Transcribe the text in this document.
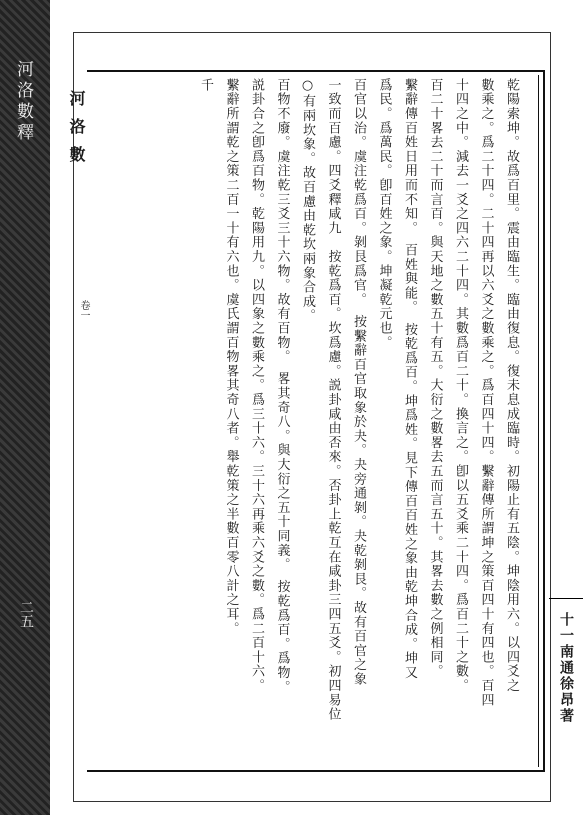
河洛數釋
二五
河洛數
卷一	乾陽索坤。故爲百里。震由臨生。臨由復息。復未息成臨時。初陽止有五陰。坤陰用六。以四爻之
數乘之。爲二十四。二十四再以六爻之數乘之。爲百四十四。繫辭傳所謂坤之策百四十有四也。百四
十四之中。減去一爻之四六二十四。其數爲百二十。換言之。卽以五爻乘二十四。爲百二十之數。
百二十畧去二十而言百。與天地之數五十有五。大衍之數畧去五而言五十。其畧去數之例相同。
繫辭傳百姓日用而不知。　百姓與能。　按乾爲百。坤爲姓。見下傳百百姓之象由乾坤合成。坤又
爲民。爲萬民。卽百姓之象。坤凝乾元也。
百官以治。虞注乾爲百。剝艮爲官。　按繫辭百官取象於夬。夬旁通剝。夬乾剝艮。故有百官之象
一致而百慮。四爻釋咸九　按乾爲百。坎爲慮。説卦咸由否來。否卦上乾互在咸卦三四五爻。初四易位
○有兩坎象。故百慮由乾坎兩象合成。
百物不廢。虞注乾三爻三十六物。故有百物。　畧其奇八。與大衍之五十同義。　按乾爲百。爲物。
説卦合之卽爲百物。乾陽用九。以四象之數乘之。爲三十六。三十六再乘六爻之數。爲二百十六。
繫辭所謂乾之策二百一十有六也。虞氏謂百物畧其奇八者。舉乾策之半數百零八計之耳。
千
十一南通徐昂著
